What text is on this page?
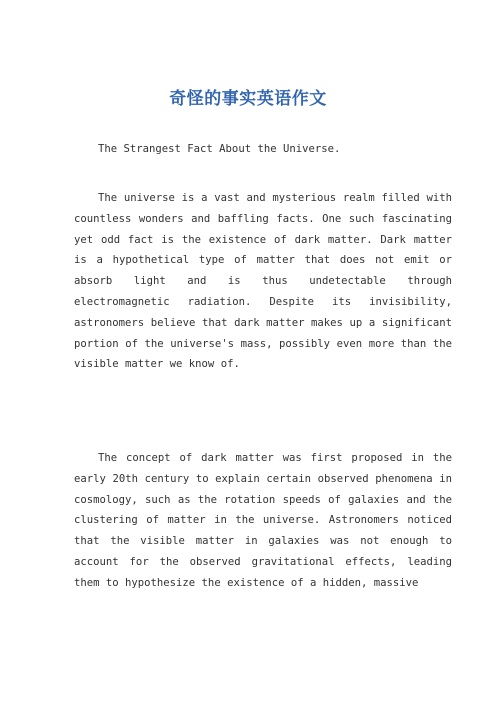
奇怪的事实英语作文
The Strangest Fact About the Universe.
The universe is a vast and mysterious realm filled with countless wonders and baffling facts. One such fascinating yet odd fact is the existence of dark matter. Dark matter is a hypothetical type of matter that does not emit or absorb light and is thus undetectable through electromagnetic radiation. Despite its invisibility, astronomers believe that dark matter makes up a significant portion of the universe's mass, possibly even more than the visible matter we know of.
The concept of dark matter was first proposed in the early 20th century to explain certain observed phenomena in cosmology, such as the rotation speeds of galaxies and the clustering of matter in the universe. Astronomers noticed that the visible matter in galaxies was not enough to account for the observed gravitational effects, leading them to hypothesize the existence of a hidden, massive
